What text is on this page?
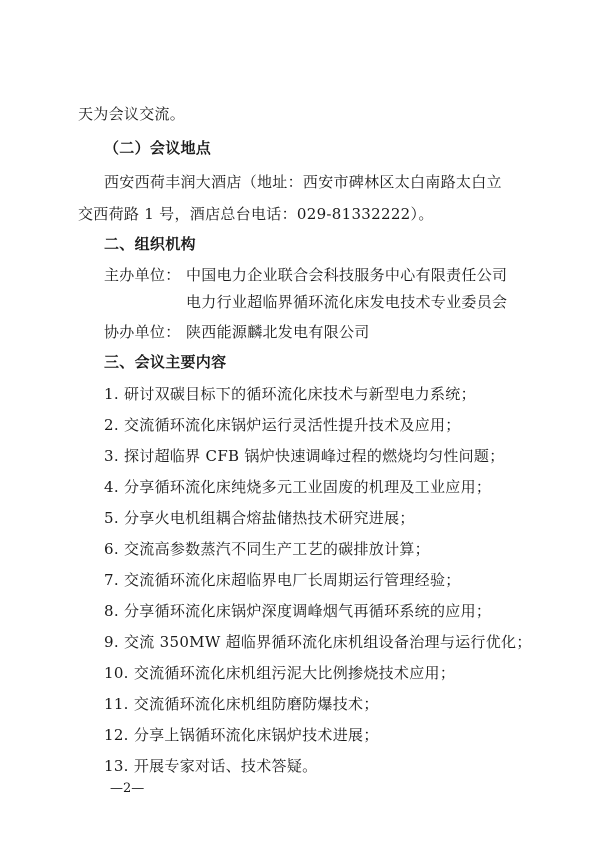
天为会议交流。
（二）会议地点
西安西荷丰润大酒店（地址：西安市碑林区太白南路太白立
交西荷路 1 号，酒店总台电话：029-81332222）。
二、组织机构
主办单位： 中国电力企业联合会科技服务中心有限责任公司
电力行业超临界循环流化床发电技术专业委员会
协办单位： 陕西能源麟北发电有限公司
三、会议主要内容
1. 研讨双碳目标下的循环流化床技术与新型电力系统；
2. 交流循环流化床锅炉运行灵活性提升技术及应用；
3. 探讨超临界 CFB 锅炉快速调峰过程的燃烧均匀性问题；
4. 分享循环流化床纯烧多元工业固废的机理及工业应用；
5. 分享火电机组耦合熔盐储热技术研究进展；
6. 交流高参数蒸汽不同生产工艺的碳排放计算；
7. 交流循环流化床超临界电厂长周期运行管理经验；
8. 分享循环流化床锅炉深度调峰烟气再循环系统的应用；
9. 交流 350MW 超临界循环流化床机组设备治理与运行优化；
10. 交流循环流化床机组污泥大比例掺烧技术应用；
11. 交流循环流化床机组防磨防爆技术；
12. 分享上锅循环流化床锅炉技术进展；
13. 开展专家对话、技术答疑。
—2—
